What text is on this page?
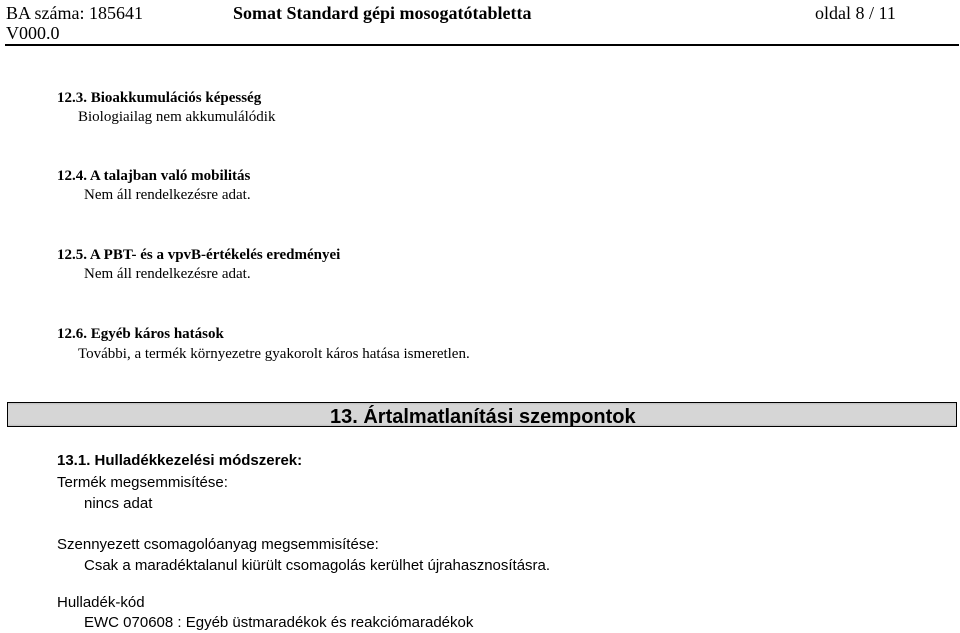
BA száma: 185641
V000.0
Somat Standard gépi mosogatótabletta	oldal 8 / 11
12.3. Bioakkumulációs képesség
Biologiailag nem akkumulálódik
12.4. A talajban való mobilitás
Nem áll rendelkezésre adat.
12.5. A PBT- és a vpvB-értékelés eredményei
Nem áll rendelkezésre adat.
12.6. Egyéb káros hatások
További, a termék környezetre gyakorolt káros hatása ismeretlen.
13. Ártalmatlanítási szempontok
13.1. Hulladékkezelési módszerek:
Termék megsemmisítése:
nincs adat
Szennyezett csomagolóanyag megsemmisítése:
Csak a maradéktalanul kiürült csomagolás kerülhet újrahasznosításra.
Hulladék-kód
EWC 070608 : Egyéb üstmaradékok és reakciómaradékok
